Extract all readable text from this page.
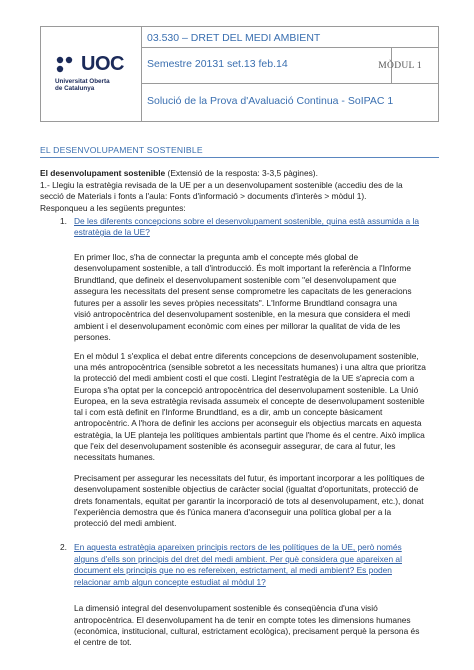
UOC
Universitat Oberta
de Catalunya
03.530 – DRET DEL MEDI AMBIENT
Semestre 20131 set.13 feb.14	MÒDUL 1
Solució de la Prova d'Avaluació Continua - SoIPAC 1
EL DESENVOLUPAMENT SOSTENIBLE
El desenvolupament sostenible (Extensió de la resposta: 3-3,5 pàgines).
1.- Llegiu la estratègia revisada de la UE per a un desenvolupament sostenible (accediu des de la
secció de Materials i fonts a l'aula: Fonts d'informació > documents d'interès > mòdul 1).
Responqueu a les següents preguntes:
1. De les diferents concepcions sobre el desenvolupament sostenible, quina està assumida a la
estratègia de la UE?
En primer lloc, s'ha de connectar la pregunta amb el concepte més global de
desenvolupament sostenible, a tall d'introducció. És molt important la referència a l'Informe
Brundtland, que defineix el desenvolupament sostenible com "el desenvolupament que
assegura les necessitats del present sense comprometre les capacitats de les generacions
futures per a assolir les seves pròpies necessitats". L'Informe Brundtland consagra una
visió antropocèntrica del desenvolupament sostenible, en la mesura que considera el medi
ambient i el desenvolupament econòmic com eines per millorar la qualitat de vida de les
persones.
En el mòdul 1 s'explica el debat entre diferents concepcions de desenvolupament sostenible,
una més antropocèntrica (sensible sobretot a les necessitats humanes) i una altra que prioritza
la protecció del medi ambient costi el que costi. Llegint l'estratègia de la UE s'aprecia com a
Europa s'ha optat per la concepció antropocèntrica del desenvolupament sostenible. La Unió
Europea, en la seva estratègia revisada assumeix el concepte de desenvolupament sostenible
tal i com està definit en l'Informe Brundtland, es a dir, amb un concepte bàsicament
antropocèntric. A l'hora de definir les accions per aconseguir els objectius marcats en aquesta
estratègia, la UE planteja les polítiques ambientals partint que l'home és el centre. Això implica
que l'eix del desenvolupament sostenible és aconseguir assegurar, de cara al futur, les
necessitats humanes.
Precisament per assegurar les necessitats del futur, és important incorporar a les polítiques de
desenvolupament sostenible objectius de caràcter social (igualtat d'oportunitats, protecció de
drets fonamentals, equitat per garantir la incorporació de tots al desenvolupament, etc.), donat
l'experiència demostra que és l'única manera d'aconseguir una política global per a la
protecció del medi ambient.
2. En aquesta estratègia apareixen principis rectors de les polítiques de la UE, però només
alguns d'ells son principis del dret del medi ambient. Per què considera que apareixen al
document els principis que no es refereixen, estrictament, al medi ambient? Es poden
relacionar amb algun concepte estudiat al mòdul 1?
La dimensió integral del desenvolupament sostenible és conseqüència d'una visió
antropocèntrica. El desenvolupament ha de tenir en compte totes les dimensions humanes
(econòmica, institucional, cultural, estrictament ecològica), precisament perquè la persona és
el centre de tot.
